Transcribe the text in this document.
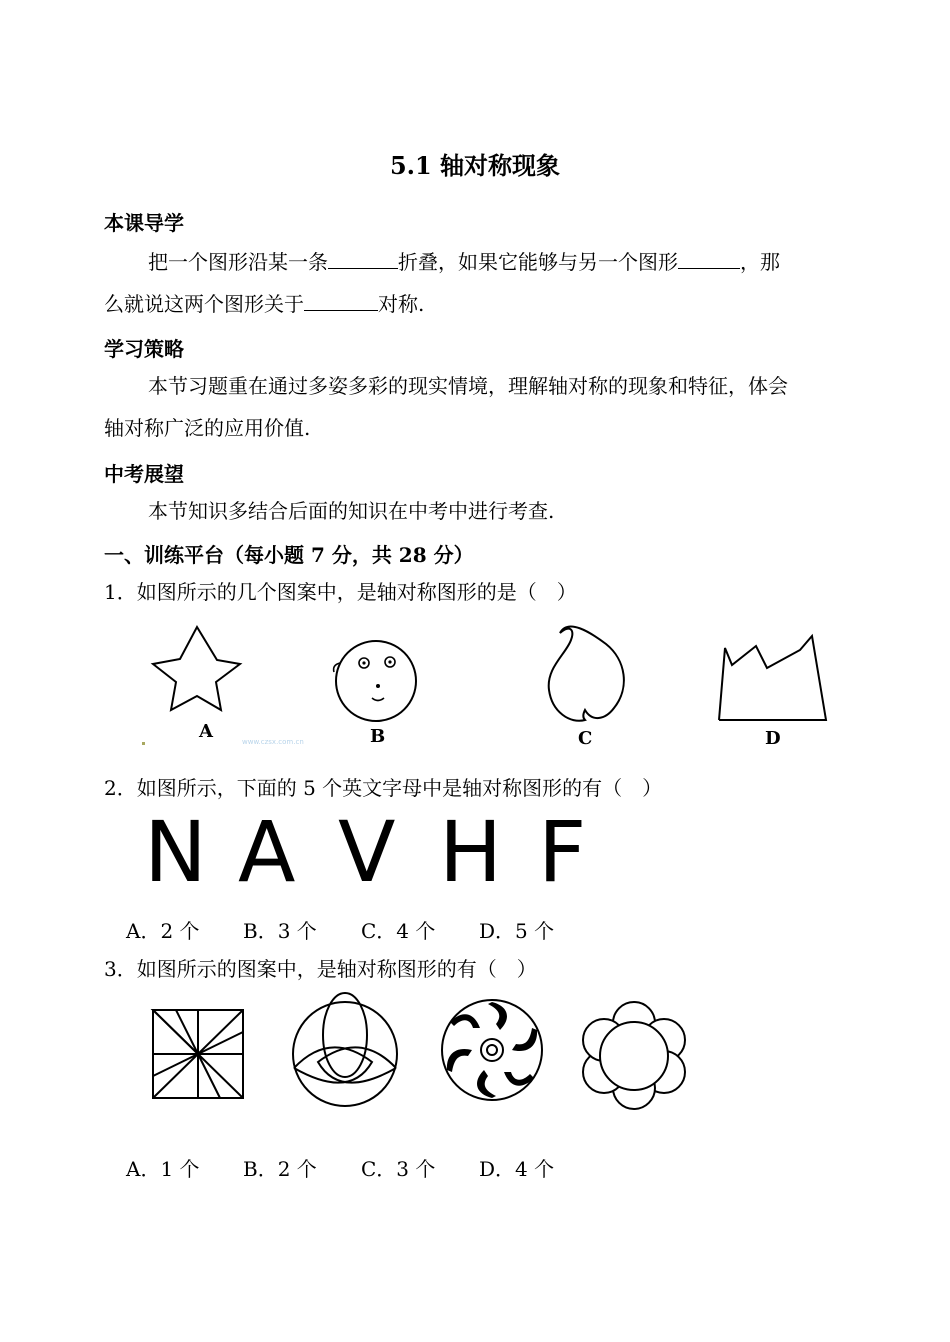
5.1 轴对称现象
本课导学
把一个图形沿某一条	折叠，如果它能够与另一个图形	，那
么就说这两个图形关于	对称.
学习策略
本节习题重在通过多姿多彩的现实情境，理解轴对称的现象和特征，体会
轴对称广泛的应用价值.
中考展望
本节知识多结合后面的知识在中考中进行考查.
一、训练平台（每小题 7 分，共 28 分）
1．如图所示的几个图案中，是轴对称图形的是（　）
A	B	C	D
www.czsx.com.cn
2．如图所示，下面的 5 个英文字母中是轴对称图形的有（　）
N A V H F
A．2 个 B．3 个 C．4 个 D．5 个
3．如图所示的图案中，是轴对称图形的有（　）
A．1 个 B．2 个 C．3 个 D．4 个
